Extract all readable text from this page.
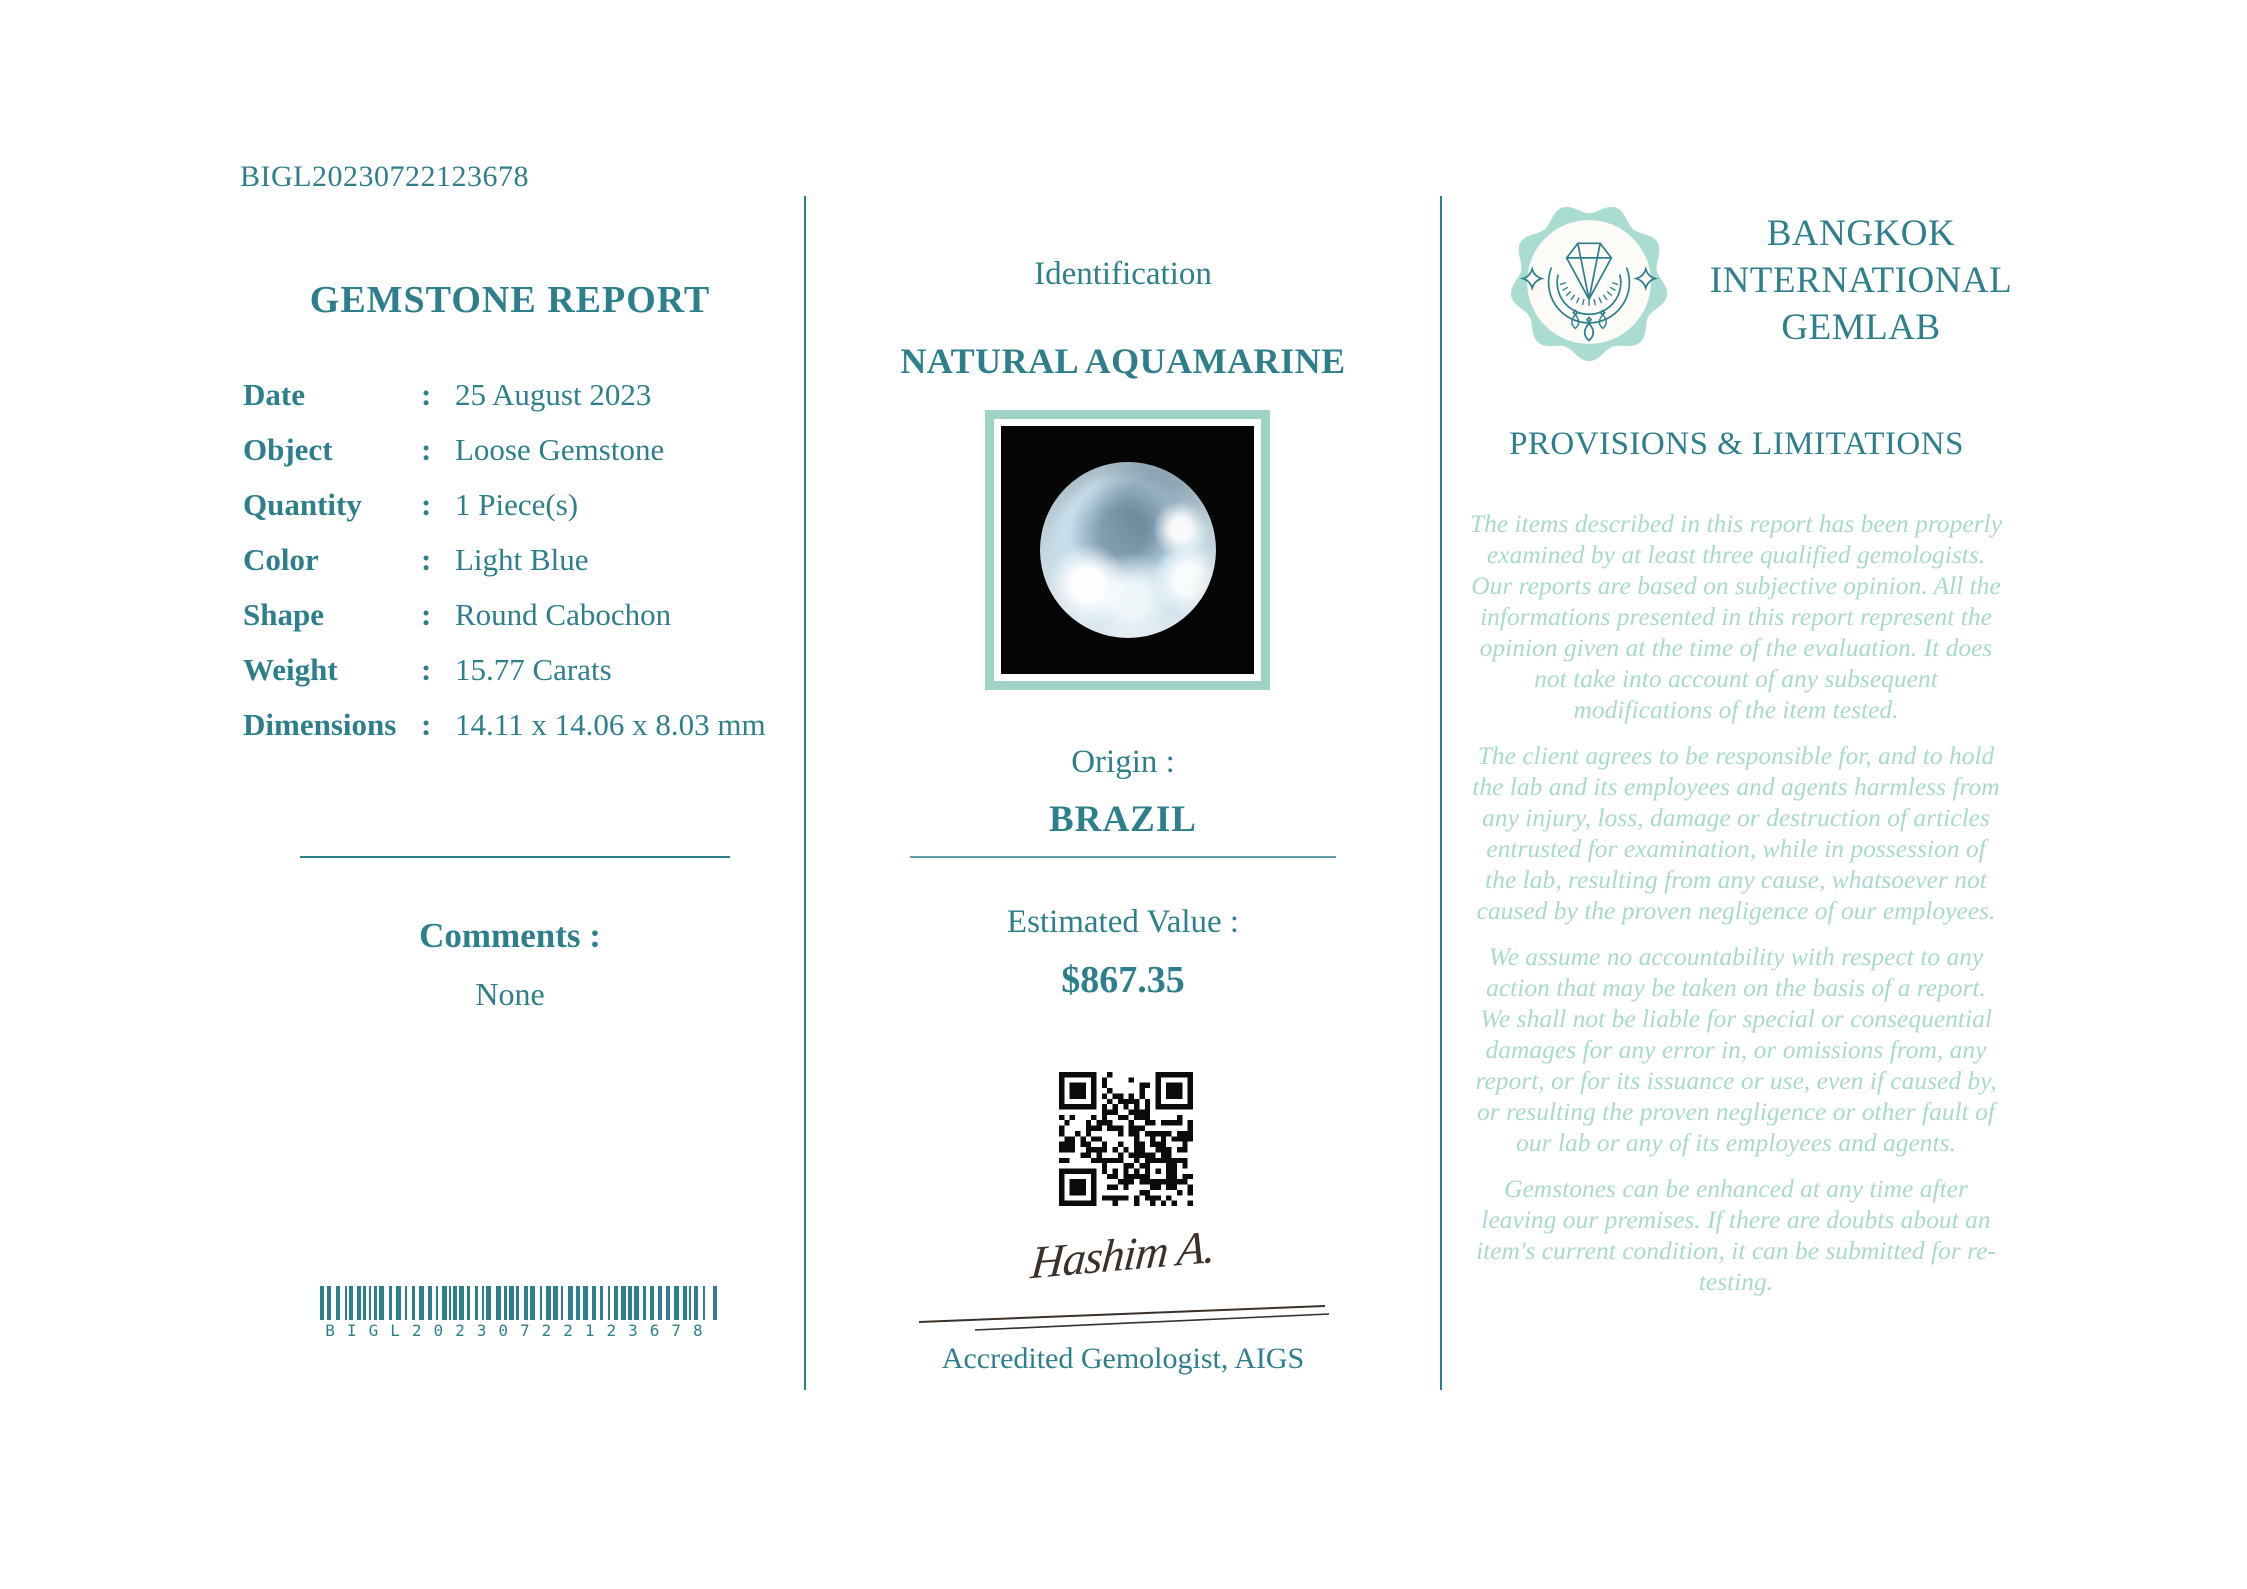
BIGL20230722123678
GEMSTONE REPORT
Date	: 25 August 2023
Object	: Loose Gemstone
Quantity	: 1 Piece(s)
Color	: Light Blue
Shape	: Round Cabochon
Weight	: 15.77 Carats
Dimensions : 14.11 x 14.06 x 8.03 mm
Comments :
None
BIGL20230722123678
Identification
NATURAL AQUAMARINE
Origin :
BRAZIL
Estimated Value :
$867.35
Hashim A.
Accredited Gemologist, AIGS
BANGKOK
INTERNATIONAL
GEMLAB
PROVISIONS & LIMITATIONS

The items described in this report has been properly examined by at least three qualified gemologists. Our reports are based on subjective opinion. All the informations presented in this report represent the opinion given at the time of the evaluation. It does not take into account of any subsequent modifications of the item tested.

The client agrees to be responsible for, and to hold the lab and its employees and agents harmless from any injury, loss, damage or destruction of articles entrusted for examination, while in possession of the lab, resulting from any cause, whatsoever not caused by the proven negligence of our employees.

We assume no accountability with respect to any action that may be taken on the basis of a report. We shall not be liable for special or consequential damages for any error in, or omissions from, any report, or for its issuance or use, even if caused by, or resulting the proven negligence or other fault of our lab or any of its employees and agents.

Gemstones can be enhanced at any time after leaving our premises. If there are doubts about an item's current condition, it can be submitted for re-testing.
